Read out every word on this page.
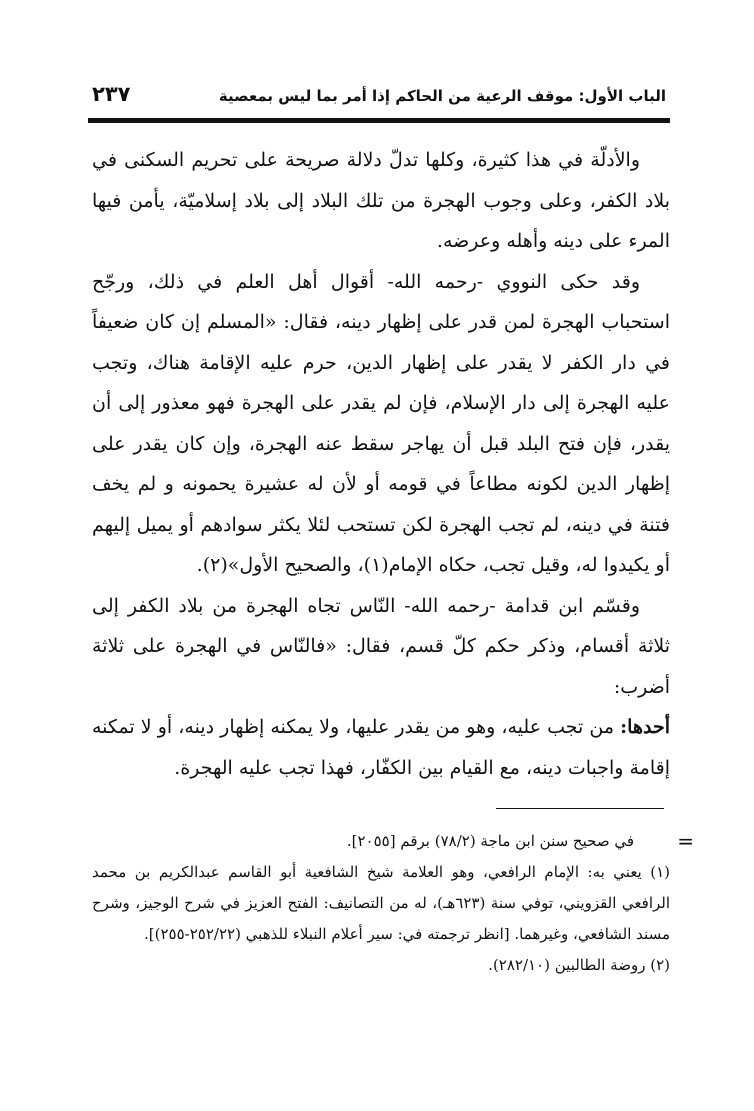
الباب الأول: موقف الرعية من الحاكم إذا أمر بما ليس بمعصية
٢٣٧

والأدلّة في هذا كثيرة، وكلها تدلّ دلالة صريحة على تحريم السكنى في بلاد الكفر، وعلى وجوب الهجرة من تلك البلاد إلى بلاد إسلاميّة، يأمن فيها المرء على دينه وأهله وعرضه.

وقد حكى النووي -رحمه الله- أقوال أهل العلم في ذلك، ورجّح استحباب الهجرة لمن قدر على إظهار دينه، فقال: «المسلم إن كان ضعيفاً في دار الكفر لا يقدر على إظهار الدين، حرم عليه الإقامة هناك، وتجب عليه الهجرة إلى دار الإسلام، فإن لم يقدر على الهجرة فهو معذور إلى أن يقدر، فإن فتح البلد قبل أن يهاجر سقط عنه الهجرة، وإن كان يقدر على إظهار الدين لكونه مطاعاً في قومه أو لأن له عشيرة يحمونه و لم يخف فتنة في دينه، لم تجب الهجرة لكن تستحب لئلا يكثر سوادهم أو يميل إليهم أو يكيدوا له، وقيل تجب، حكاه الإمام(١)، والصحيح الأول»(٢).

وقسّم ابن قدامة -رحمه الله- النّاس تجاه الهجرة من بلاد الكفر إلى ثلاثة أقسام، وذكر حكم كلّ قسم، فقال: «فالنّاس في الهجرة على ثلاثة أضرب:

أحدها: من تجب عليه، وهو من يقدر عليها، ولا يمكنه إظهار دينه، أو لا تمكنه إقامة واجبات دينه، مع القيام بين الكفّار، فهذا تجب عليه الهجرة.

=
في صحيح سنن ابن ماجة (٧٨/٢) برقم [٢٠٥٥].

(١) يعني به: الإمام الرافعي، وهو العلامة شيخ الشافعية أبو القاسم عبدالكريم بن محمد الرافعي القزويني، توفي سنة (٦٢٣هـ)، له من التصانيف: الفتح العزيز في شرح الوجيز، وشرح مسند الشافعي، وغيرهما. [انظر ترجمته في: سير أعلام النبلاء للذهبي (٢٥٢/٢٢-٢٥٥)].

(٢) روضة الطالبين (٢٨٢/١٠).
